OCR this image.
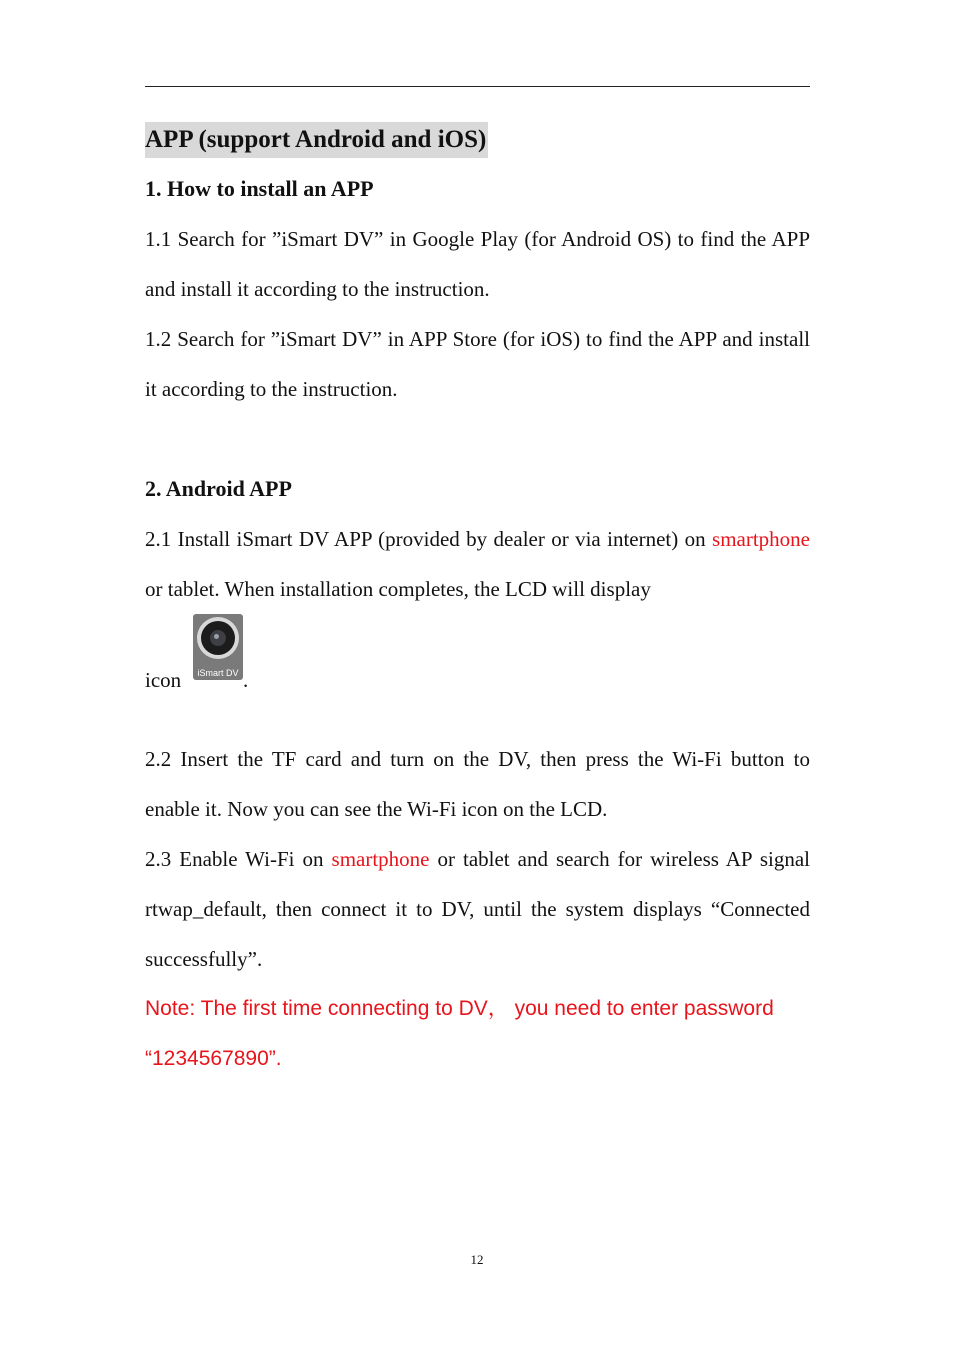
APP (support Android and iOS)
1. How to install an APP

1.1 Search for ”iSmart DV” in Google Play (for Android OS) to find the APP and install it according to the instruction.

1.2 Search for ”iSmart DV” in APP Store (for iOS) to find the APP and install it according to the instruction.

2. Android APP

2.1 Install iSmart DV APP (provided by dealer or via internet) on smartphone or tablet. When installation completes, the LCD will display

icon	iSmart DV .

2.2 Insert the TF card and turn on the DV, then press the Wi-Fi button to enable it. Now you can see the Wi-Fi icon on the LCD.

2.3 Enable Wi-Fi on smartphone or tablet and search for wireless AP signal rtwap_default, then connect it to DV, until the system displays “Connected successfully”.

Note: The first time connecting to DV， you need to enter password “1234567890”.

12
